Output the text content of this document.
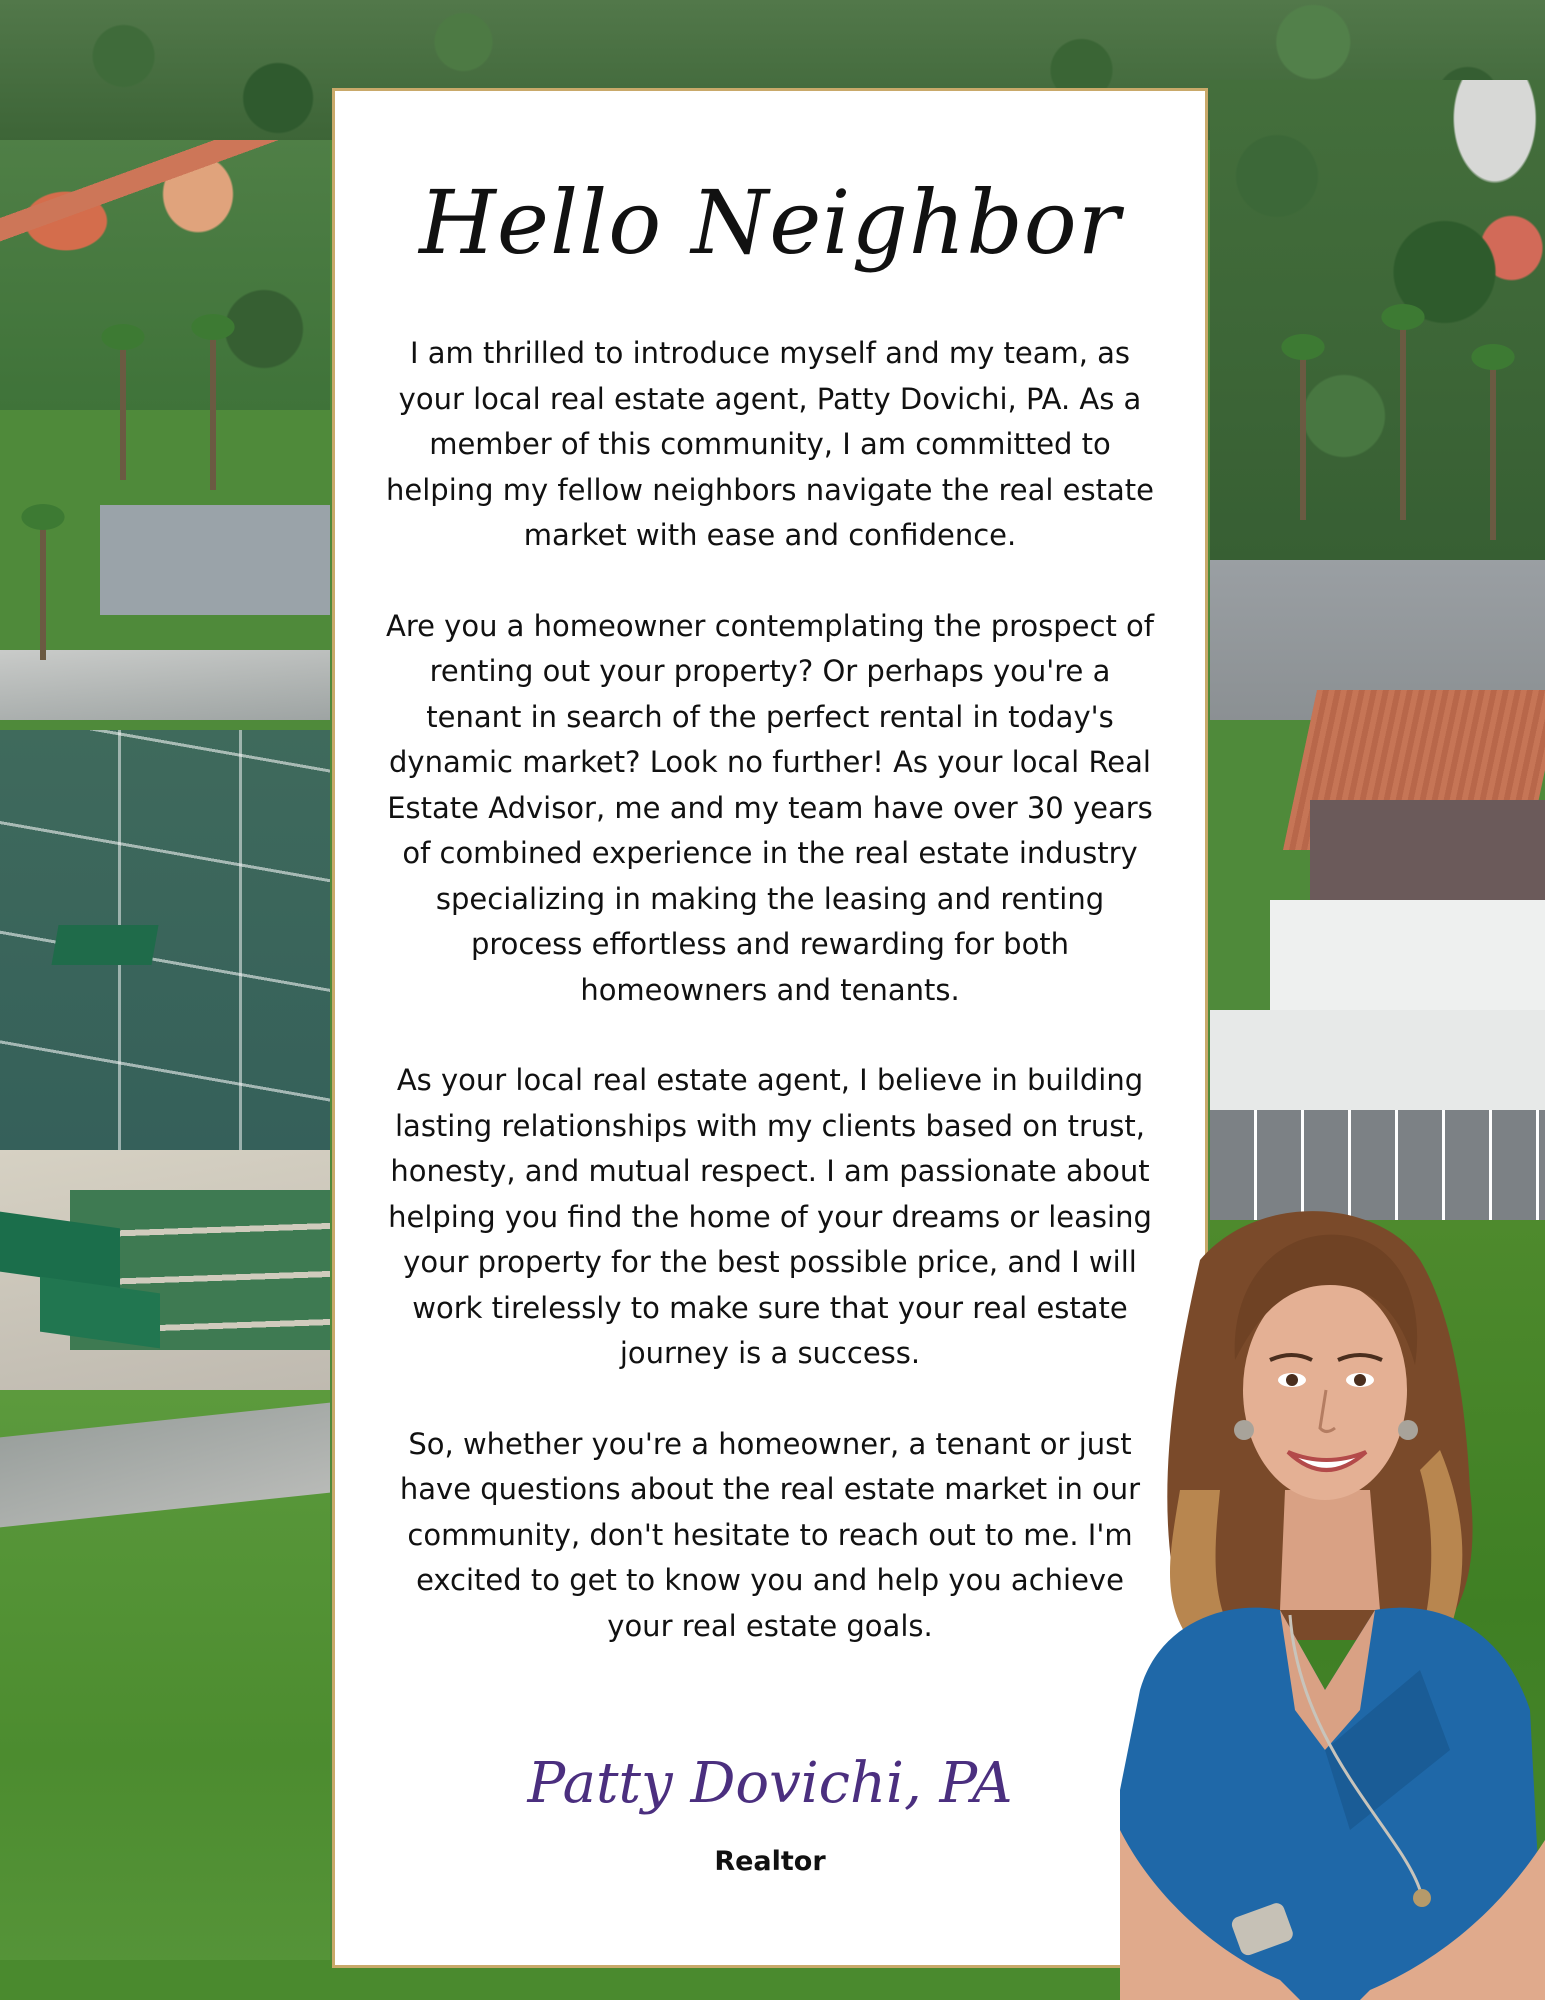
Hello Neighbor

I am thrilled to introduce myself and my team, as your local real estate agent, Patty Dovichi, PA. As a member of this community, I am committed to helping my fellow neighbors navigate the real estate market with ease and confidence.

Are you a homeowner contemplating the prospect of renting out your property? Or perhaps you're a tenant in search of the perfect rental in today's dynamic market? Look no further! As your local Real Estate Advisor, me and my team have over 30 years of combined experience in the real estate industry specializing in making the leasing and renting process effortless and rewarding for both homeowners and tenants.

As your local real estate agent, I believe in building lasting relationships with my clients based on trust, honesty, and mutual respect. I am passionate about helping you find the home of your dreams or leasing your property for the best possible price, and I will work tirelessly to make sure that your real estate journey is a success.

So, whether you're a homeowner, a tenant or just have questions about the real estate market in our community, don't hesitate to reach out to me. I'm excited to get to know you and help you achieve your real estate goals.

Patty Dovichi, PA
Realtor
